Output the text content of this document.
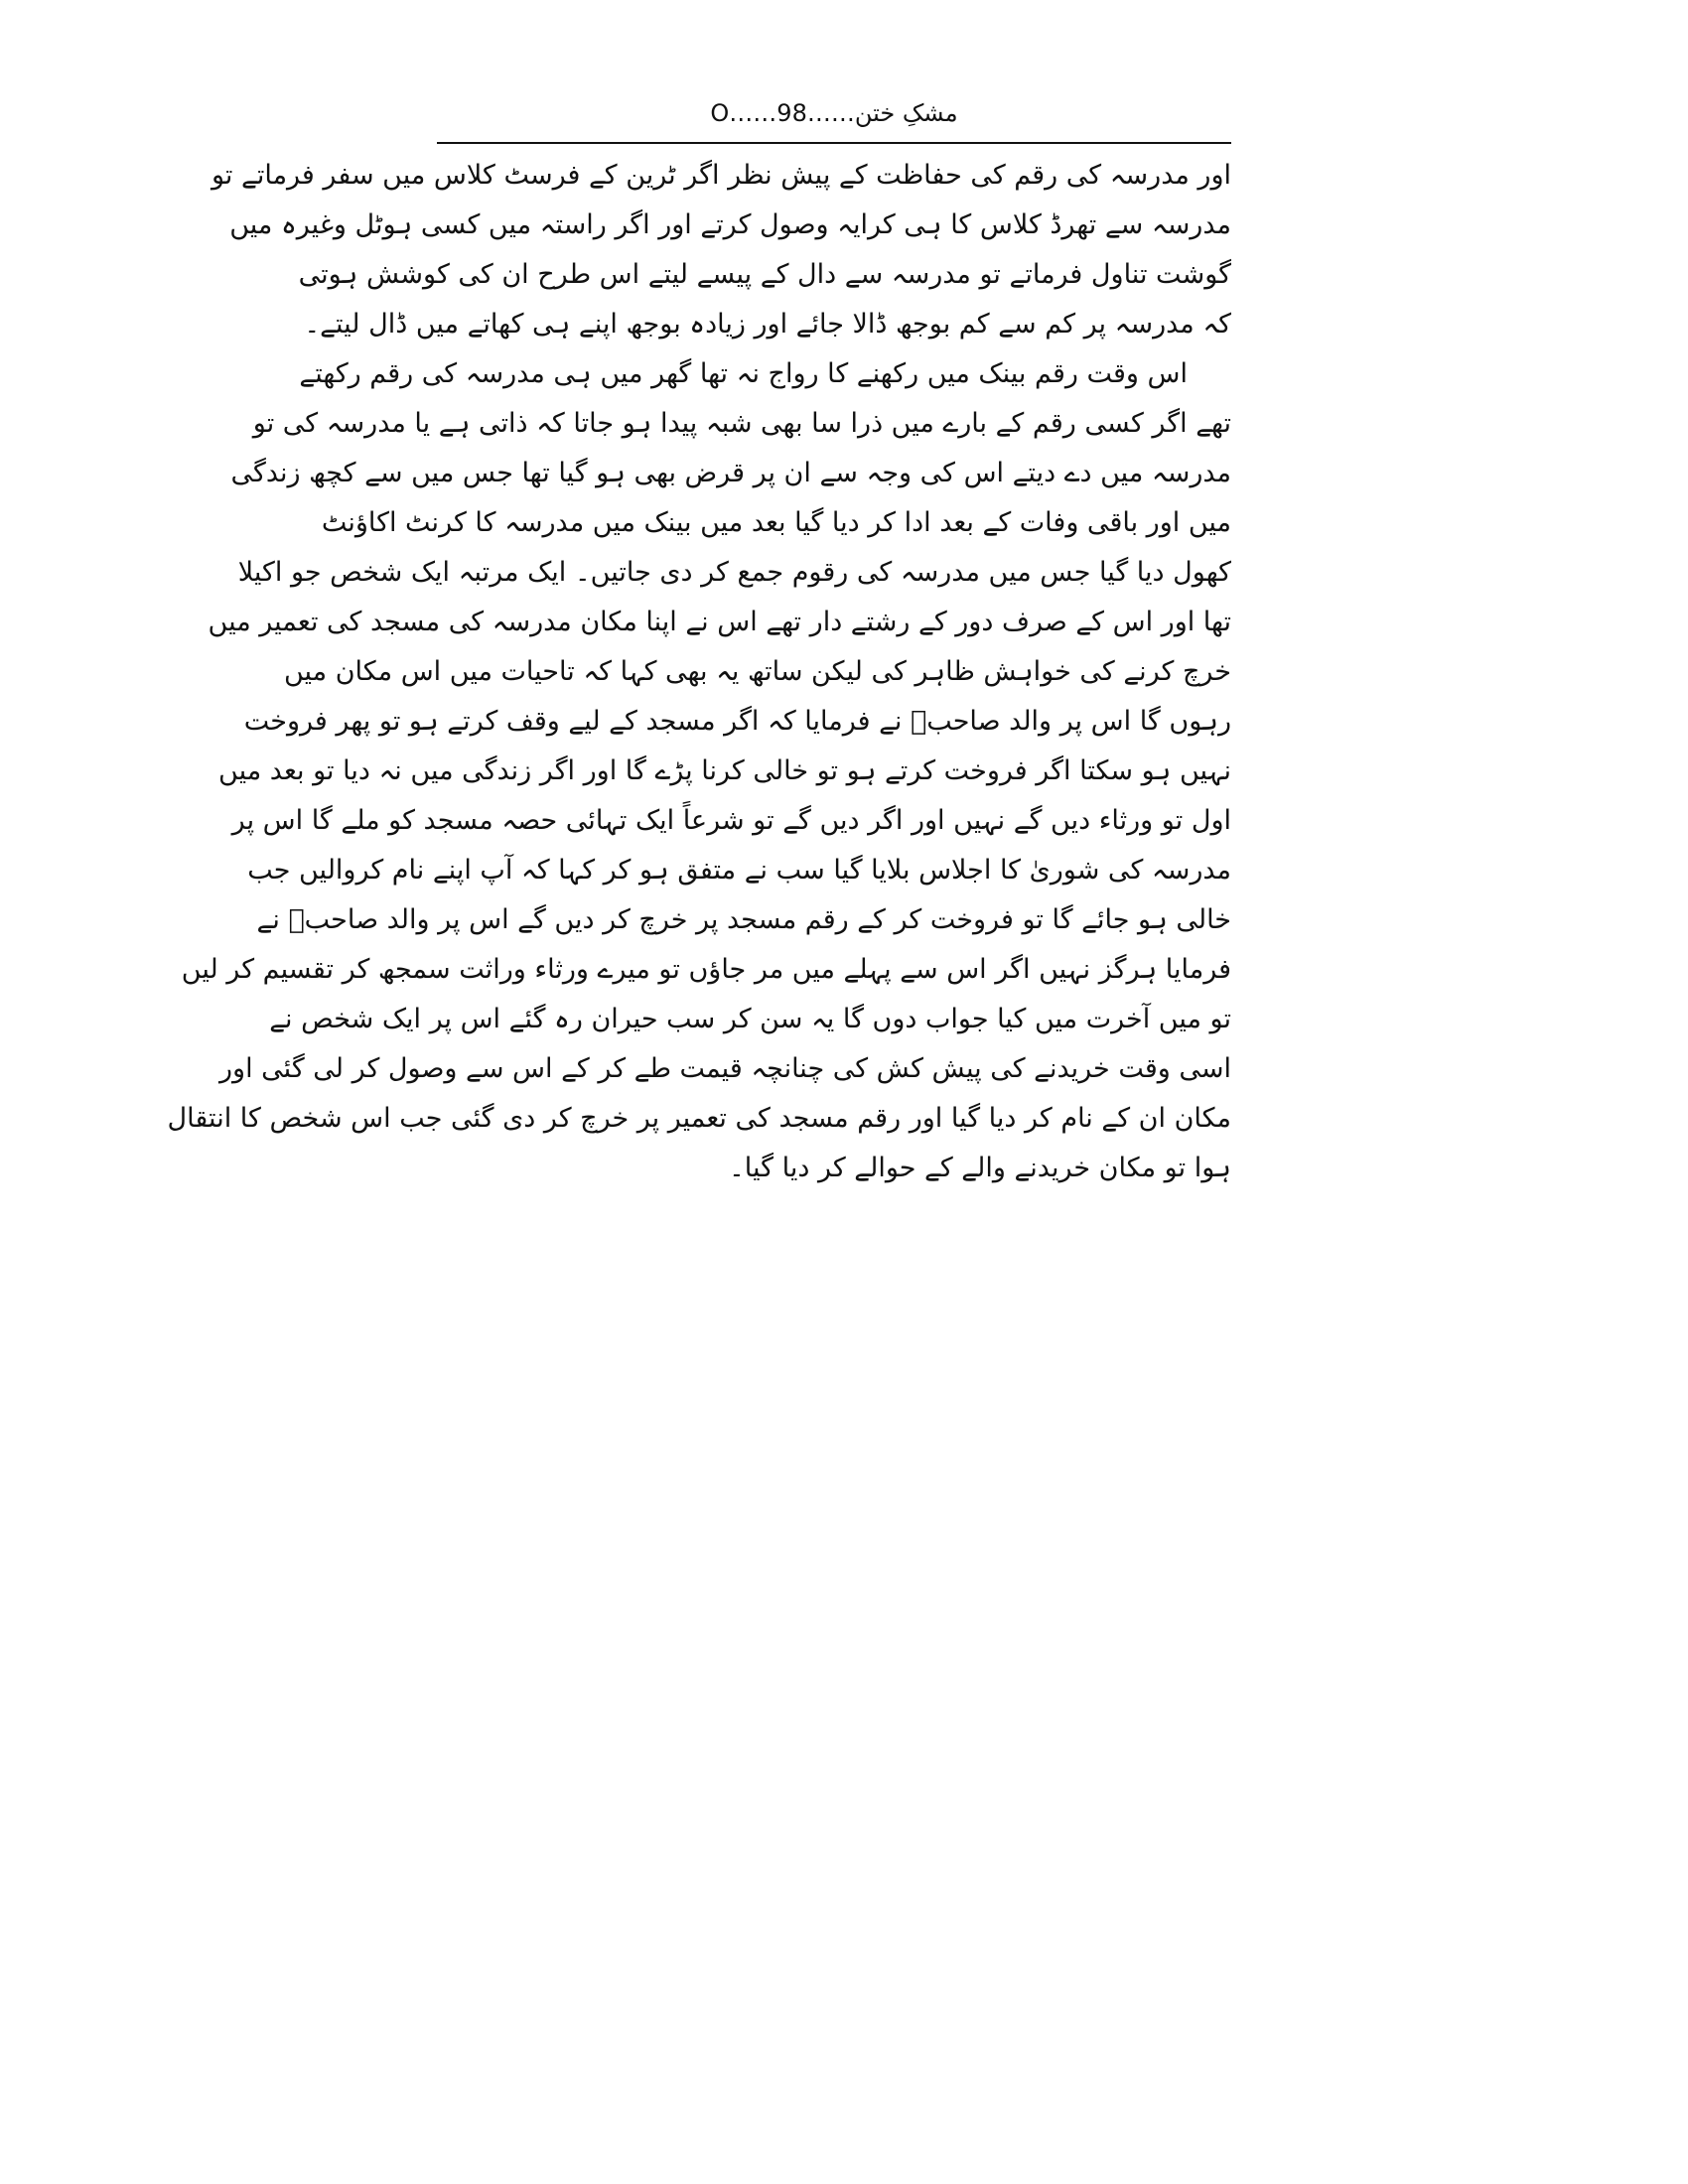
مشکِ ختن……O……98
اور مدرسہ کی رقم کی حفاظت کے پیش نظر اگر ٹرین کے فرسٹ کلاس میں سفر فرماتے تو
مدرسہ سے تھرڈ کلاس کا ہی کرایہ وصول کرتے اور اگر راستہ میں کسی ہوٹل وغیرہ میں
گوشت تناول فرماتے تو مدرسہ سے دال کے پیسے لیتے اس طرح ان کی کوشش ہوتی
کہ مدرسہ پر کم سے کم بوجھ ڈالا جائے اور زیادہ بوجھ اپنے ہی کھاتے میں ڈال لیتے۔
اس وقت رقم بینک میں رکھنے کا رواج نہ تھا گھر میں ہی مدرسہ کی رقم رکھتے
تھے اگر کسی رقم کے بارے میں ذرا سا بھی شبہ پیدا ہو جاتا کہ ذاتی ہے یا مدرسہ کی تو
مدرسہ میں دے دیتے اس کی وجہ سے ان پر قرض بھی ہو گیا تھا جس میں سے کچھ زندگی
میں اور باقی وفات کے بعد ادا کر دیا گیا بعد میں بینک میں مدرسہ کا کرنٹ اکاؤنٹ
کھول دیا گیا جس میں مدرسہ کی رقوم جمع کر دی جاتیں۔ ایک مرتبہ ایک شخص جو اکیلا
تھا اور اس کے صرف دور کے رشتے دار تھے اس نے اپنا مکان مدرسہ کی مسجد کی تعمیر میں
خرچ کرنے کی خواہش ظاہر کی لیکن ساتھ یہ بھی کہا کہ تاحیات میں اس مکان میں
رہوں گا اس پر والد صاحبؒ نے فرمایا کہ اگر مسجد کے لیے وقف کرتے ہو تو پھر فروخت
نہیں ہو سکتا اگر فروخت کرتے ہو تو خالی کرنا پڑے گا اور اگر زندگی میں نہ دیا تو بعد میں
اول تو ورثاء دیں گے نہیں اور اگر دیں گے تو شرعاً ایک تہائی حصہ مسجد کو ملے گا اس پر
مدرسہ کی شوریٰ کا اجلاس بلایا گیا سب نے متفق ہو کر کہا کہ آپ اپنے نام کروالیں جب
خالی ہو جائے گا تو فروخت کر کے رقم مسجد پر خرچ کر دیں گے اس پر والد صاحبؒ نے
فرمایا ہرگز نہیں اگر اس سے پہلے میں مر جاؤں تو میرے ورثاء وراثت سمجھ کر تقسیم کر لیں
تو میں آخرت میں کیا جواب دوں گا یہ سن کر سب حیران رہ گئے اس پر ایک شخص نے
اسی وقت خریدنے کی پیش کش کی چنانچہ قیمت طے کر کے اس سے وصول کر لی گئی اور
مکان ان کے نام کر دیا گیا اور رقم مسجد کی تعمیر پر خرچ کر دی گئی جب اس شخص کا انتقال
ہوا تو مکان خریدنے والے کے حوالے کر دیا گیا۔
